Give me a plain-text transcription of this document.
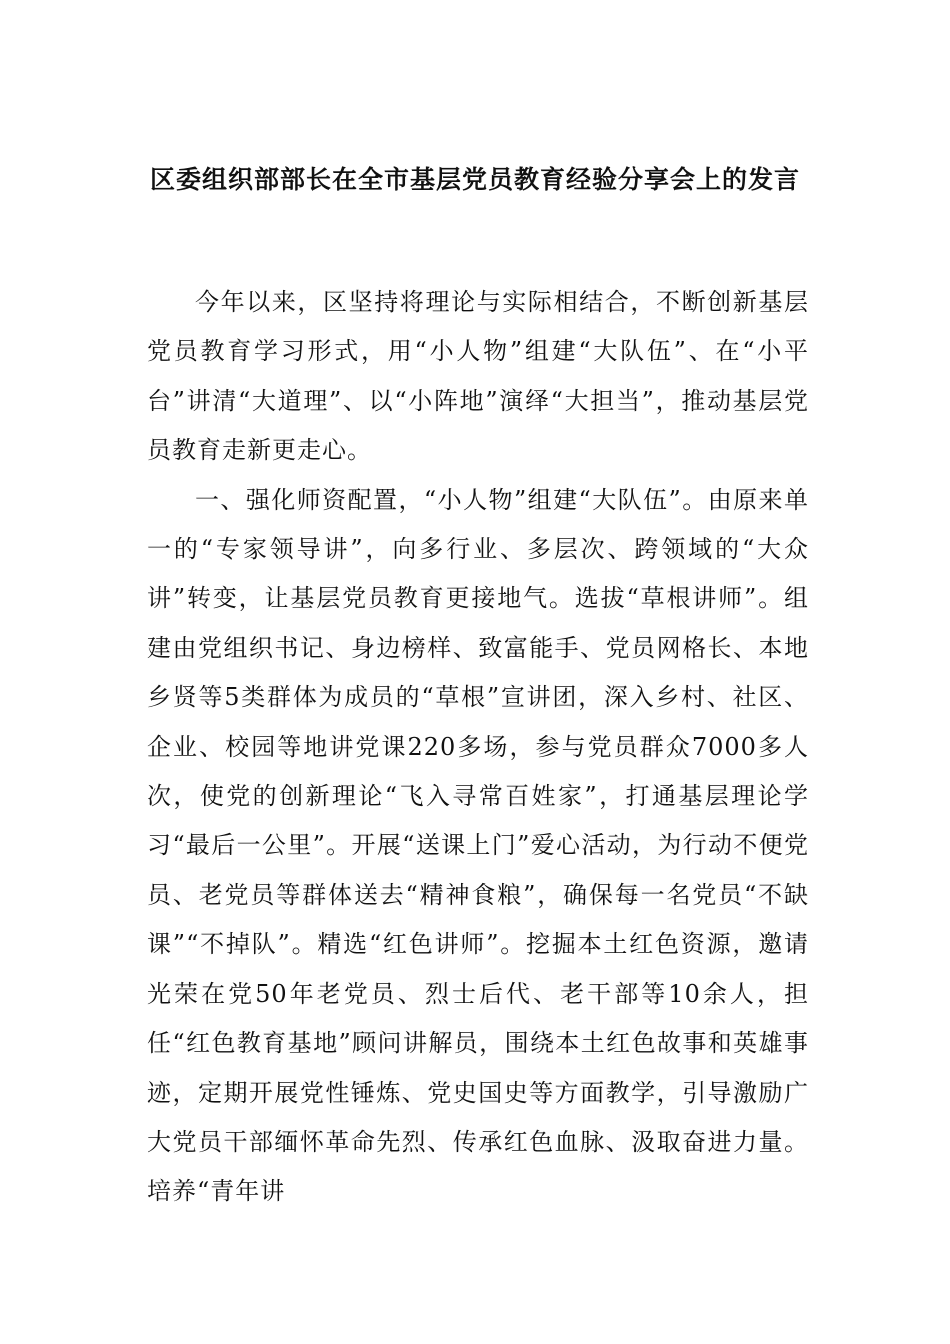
区委组织部部长在全市基层党员教育经验分享会上的发言

今年以来，区坚持将理论与实际相结合，不断创新基层党员教育学习形式，用“小人物”组建“大队伍”、在“小平台”讲清“大道理”、以“小阵地”演绎“大担当”，推动基层党员教育走新更走心。

一、强化师资配置，“小人物”组建“大队伍”。由原来单一的“专家领导讲”，向多行业、多层次、跨领域的“大众讲”转变，让基层党员教育更接地气。选拔“草根讲师”。组建由党组织书记、身边榜样、致富能手、党员网格长、本地乡贤等5类群体为成员的“草根”宣讲团，深入乡村、社区、企业、校园等地讲党课220多场，参与党员群众7000多人次，使党的创新理论“飞入寻常百姓家”，打通基层理论学习“最后一公里”。开展“送课上门”爱心活动，为行动不便党员、老党员等群体送去“精神食粮”，确保每一名党员“不缺课”“不掉队”。精选“红色讲师”。挖掘本土红色资源，邀请光荣在党50年老党员、烈士后代、老干部等10余人，担任“红色教育基地”顾问讲解员，围绕本土红色故事和英雄事迹，定期开展党性锤炼、党史国史等方面教学，引导激励广大党员干部缅怀革命先烈、传承红色血脉、汲取奋进力量。培养“青年讲
